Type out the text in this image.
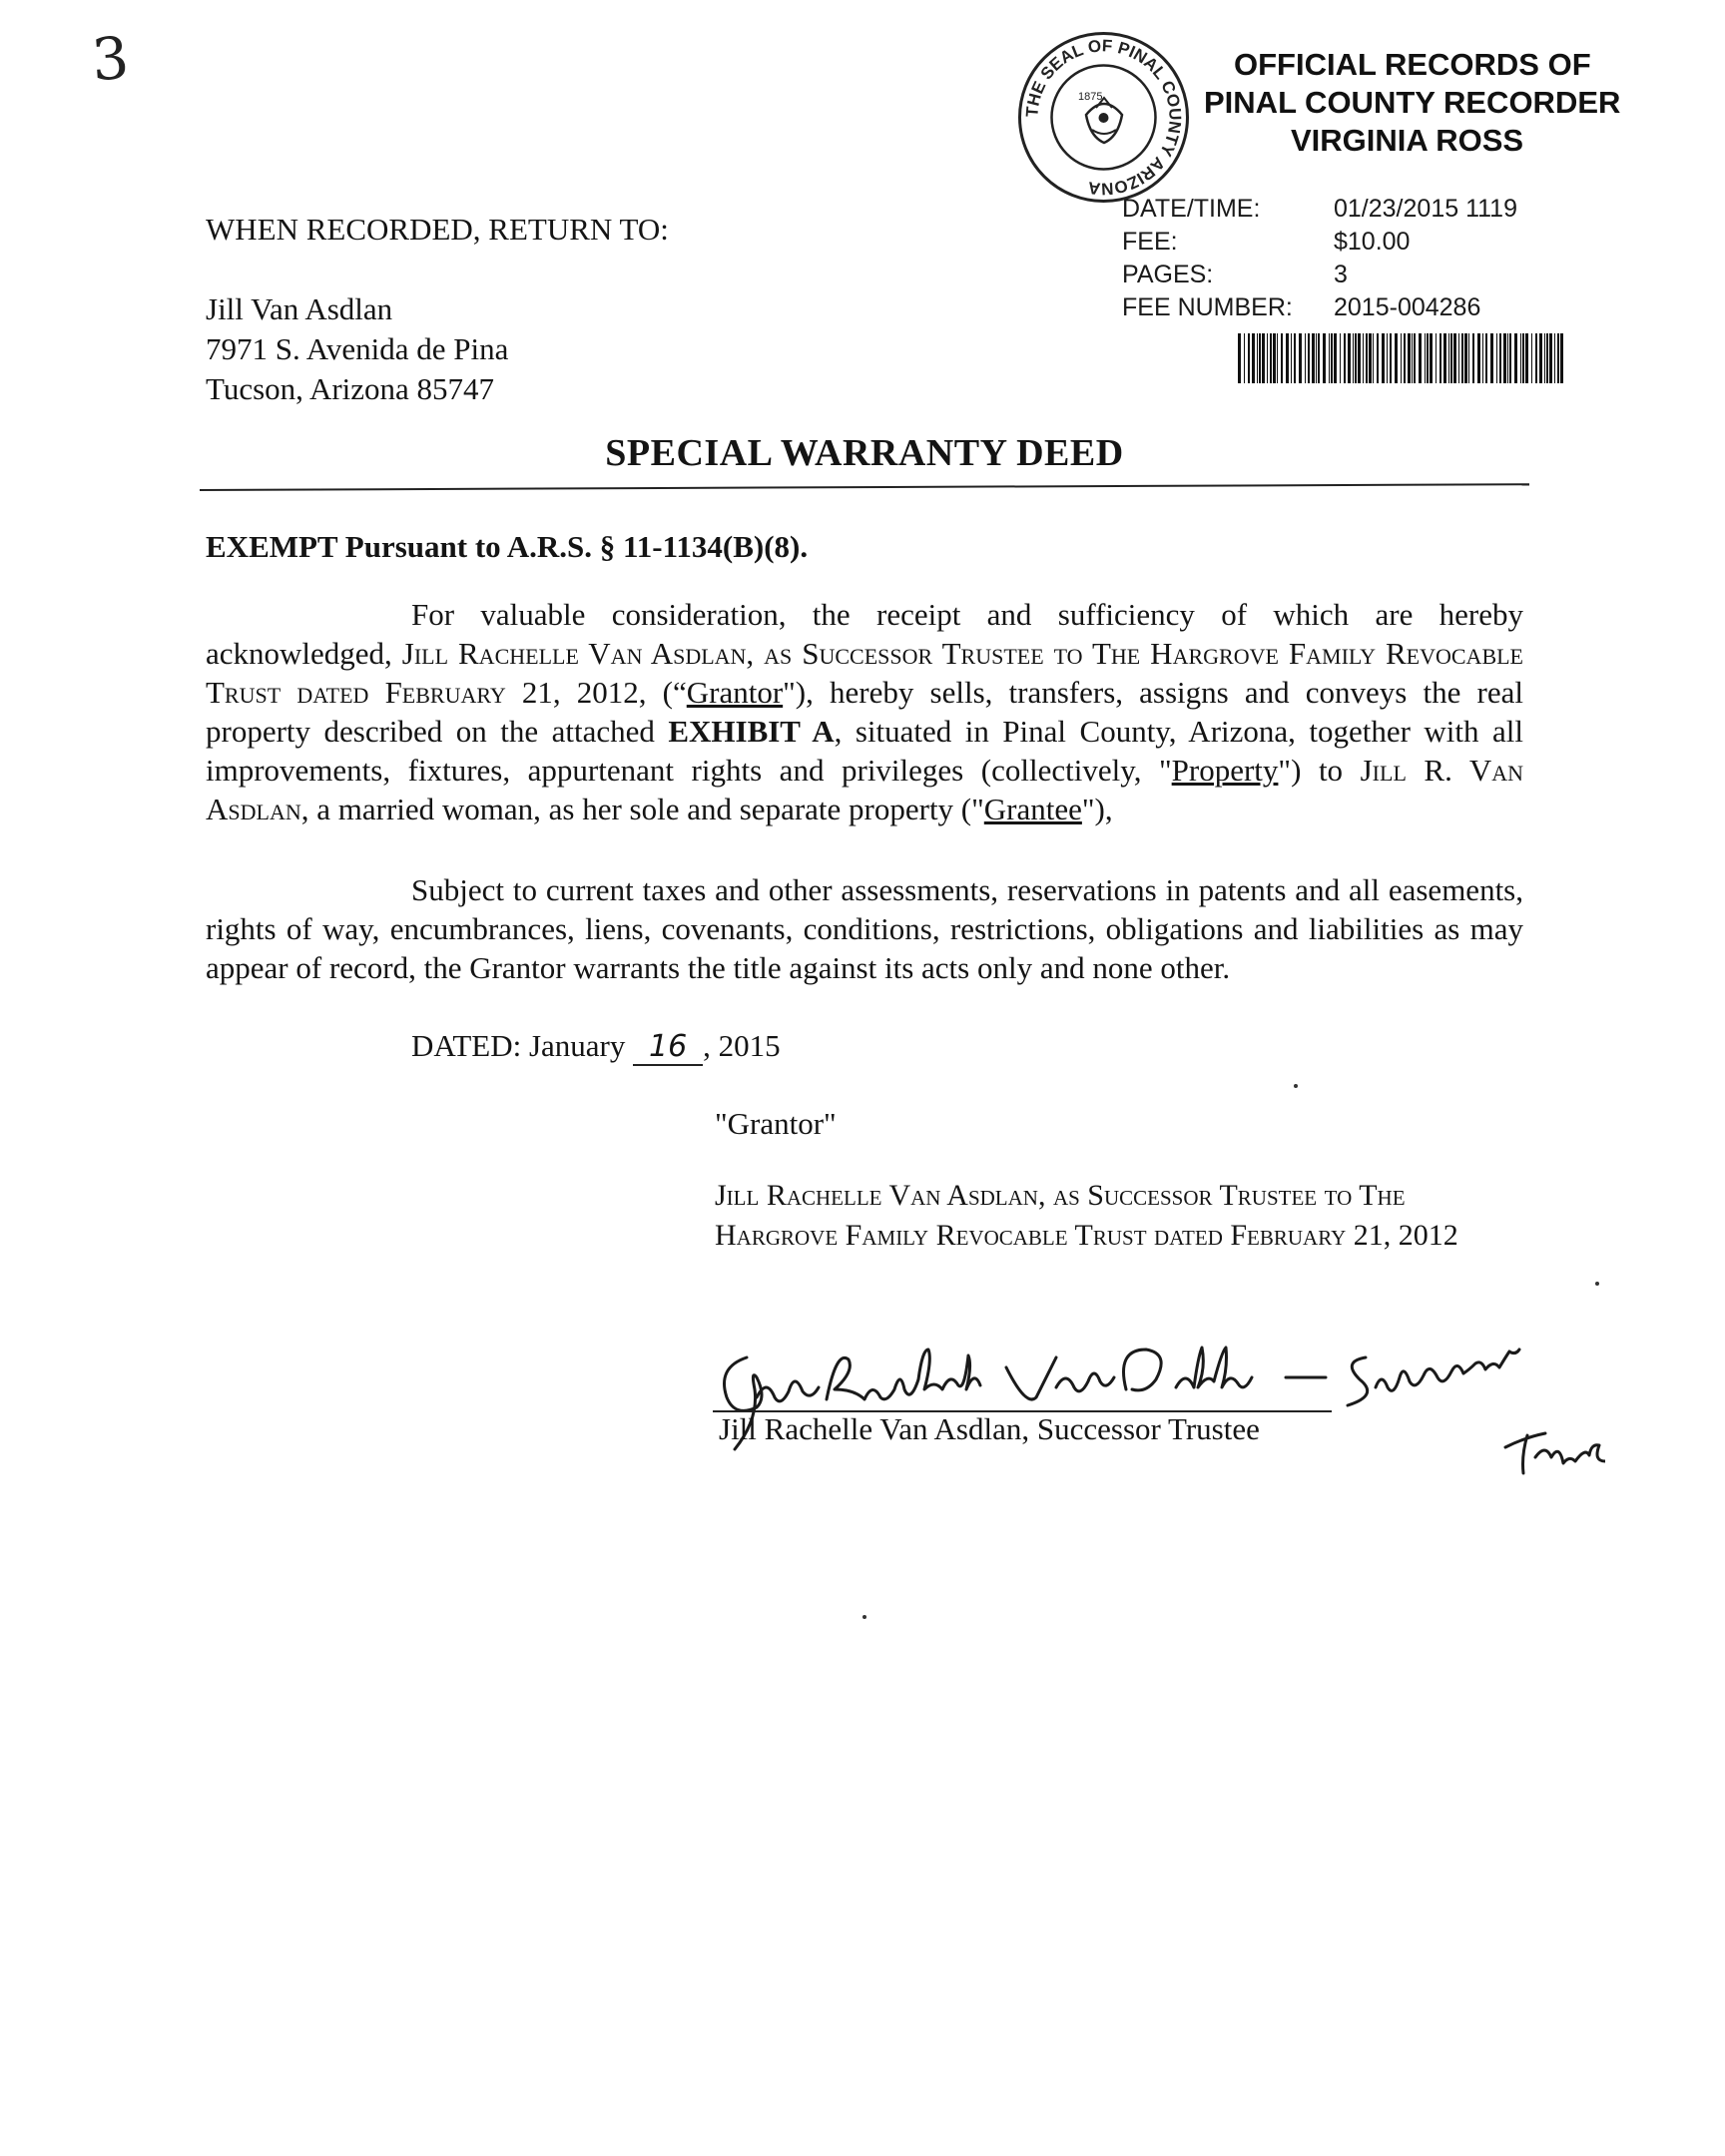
3
THE SEAL OF PINAL COUNTY ARIZONA
1875
OFFICIAL RECORDS OF
PINAL COUNTY RECORDER
VIRGINIA ROSS
DATE/TIME:	01/23/2015 1119
FEE:	$10.00
PAGES:	3
FEE NUMBER:	2015-004286
WHEN RECORDED, RETURN TO:
Jill Van Asdlan
7971 S. Avenida de Pina
Tucson, Arizona 85747
SPECIAL WARRANTY DEED
EXEMPT Pursuant to A.R.S. § 11-1134(B)(8).
For valuable consideration, the receipt and sufficiency of which are hereby acknowledged, Jill Rachelle Van Asdlan, as Successor Trustee to The Hargrove Family Revocable Trust dated February 21, 2012, (“Grantor"), hereby sells, transfers, assigns and conveys the real property described on the attached EXHIBIT A, situated in Pinal County, Arizona, together with all improvements, fixtures, appurtenant rights and privileges (collectively, "Property") to Jill R. Van Asdlan, a married woman, as her sole and separate property ("Grantee"),
Subject to current taxes and other assessments, reservations in patents and all easements, rights of way, encumbrances, liens, covenants, conditions, restrictions, obligations and liabilities as may appear of record, the Grantor warrants the title against its acts only and none other.
DATED: January 16 , 2015
"Grantor"
Jill Rachelle Van Asdlan, as Successor Trustee to The Hargrove Family Revocable Trust dated February 21, 2012
Jill Rachelle Van Asdlan, Successor Trustee
